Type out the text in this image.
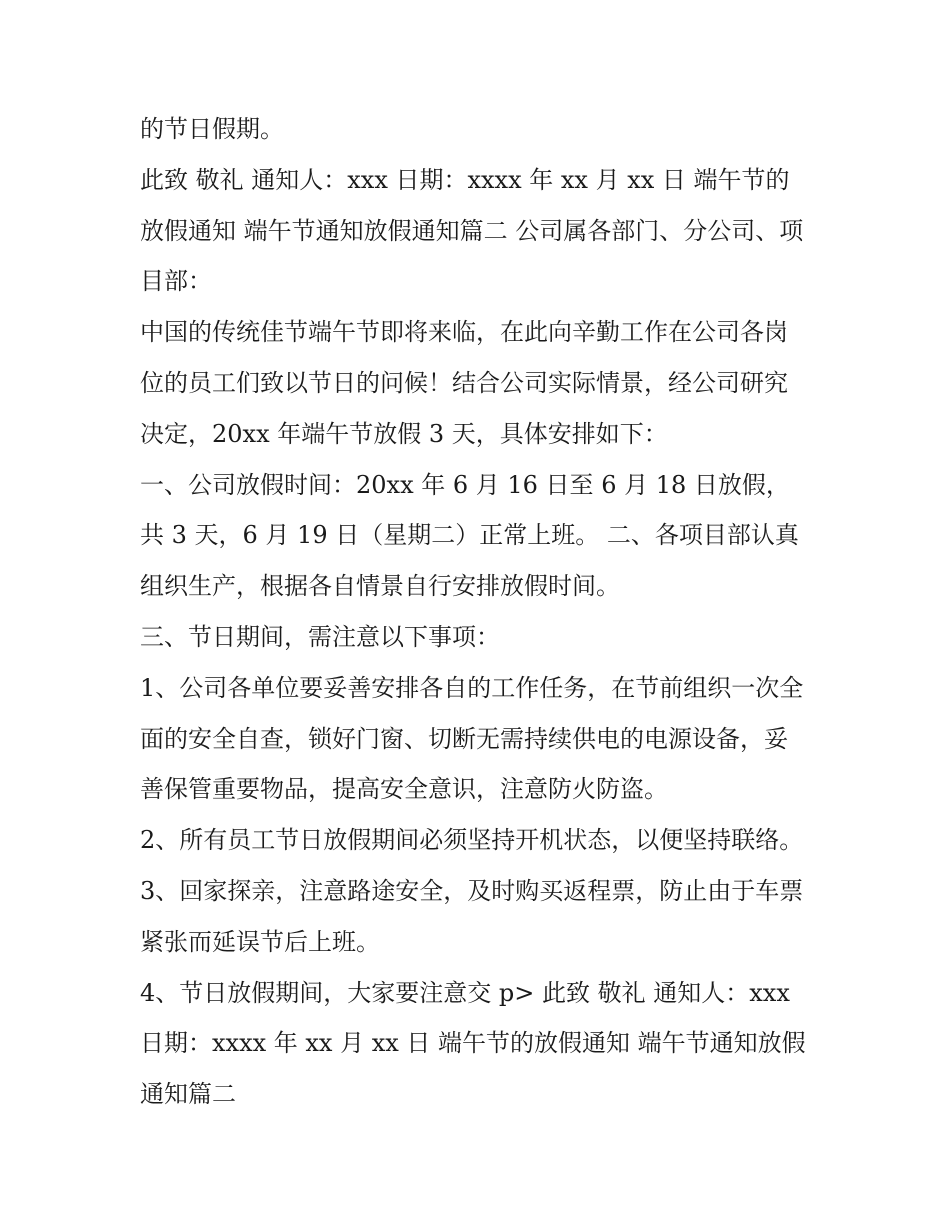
的节日假期。

此致 敬礼 通知人：xxx 日期：xxxx 年 xx 月 xx 日 端午节的放假通知 端午节通知放假通知篇二 公司属各部门、分公司、项目部：

中国的传统佳节端午节即将来临，在此向辛勤工作在公司各岗位的员工们致以节日的问候！结合公司实际情景，经公司研究决定，20xx 年端午节放假 3 天，具体安排如下：

一、公司放假时间：20xx 年 6 月 16 日至 6 月 18 日放假，共 3 天，6 月 19 日（星期二）正常上班。 二、各项目部认真组织生产，根据各自情景自行安排放假时间。

三、节日期间，需注意以下事项：

1、公司各单位要妥善安排各自的工作任务，在节前组织一次全面的安全自查，锁好门窗、切断无需持续供电的电源设备，妥善保管重要物品，提高安全意识，注意防火防盗。

2、所有员工节日放假期间必须坚持开机状态，以便坚持联络。 3、回家探亲，注意路途安全，及时购买返程票，防止由于车票紧张而延误节后上班。

4、节日放假期间，大家要注意交 p> 此致 敬礼 通知人：xxx 日期：xxxx 年 xx 月 xx 日 端午节的放假通知 端午节通知放假通知篇二
